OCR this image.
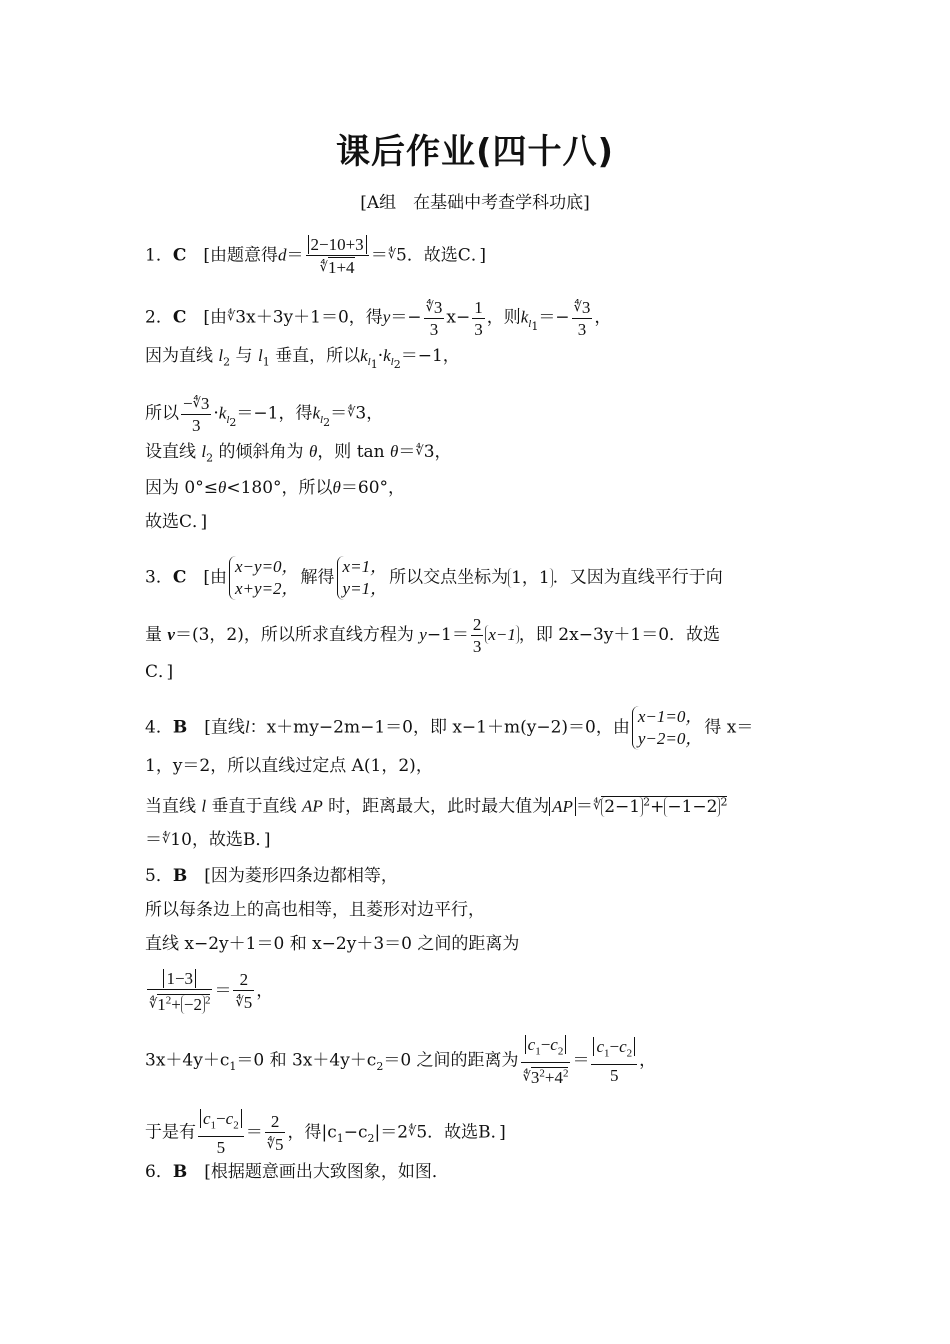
课后作业(四十八)
[A组　在基础中考查学科功底]
1．C　 [由题意得$d= \frac{2-10+3}{∜1+4}$ ＝∜5．故选C．]
2．C　 [由∜3x＋3y＋1＝0，得$y=- \frac{∜3}{3} x- \frac{1}{3}$ ，则$k_{l_1}=- \frac{∜3}{3}$ ，
因为直线 $l_2$ 与 $l_1$ 垂直，所以$k_{l_1}\cdot k_{l_2}=-1$，
所以 $\frac{-∜3}{3} \cdot k_{l_2}=-1$，得$k_{l_2}=∜3$，
设直线 $l_2$ 的倾斜角为 θ，则 tan θ＝∜3，
因为 0°≤θ<180°，所以θ＝60°，
故选C．]
3．C　 [由
x−y=0，
x+y=2，
解得
x=1，
y=1，
所以交点坐标为 1，1 ．又因为直线平行于向
量 v＝(3，2)，所以所求直线方程为 $y-1= \frac{2}{3} x-1$ ，即 2x−3y＋1＝0．故选
C．]
4．B　 [直线l：x＋my−2m−1＝0，即 x−1＋m(y−2)＝0，由
x−1=0，
y−2=0，
得 x＝
1，y＝2，所以直线过定点 A(1，2)，
当直线 l 垂直于直线 AP 时，距离最大，此时最大值为 AP ＝∜ 2−1 $^2$+ −1−2 $^2$
＝∜10，故选B．]
5．B　 [因为菱形四条边都相等，
所以每条边上的高也相等，且菱形对边平行，
直线 x−2y＋1＝0 和 x−2y＋3＝0 之间的距离为
$\frac{1-3}{∜1^2+ -2 ^2} = \frac{2}{∜5}$ ，
$3x+4y+c_1=0$ 和 $3x+4y+c_2=0$ 之间的距离为 $\frac{c_1-c_2}{∜3^2+4^2} = \frac{c_1-c_2}{5}$ ，
于是有 $\frac{c_1-c_2}{5} = \frac{2}{∜5}$ ，得$|c_1-c_2|=2∜5$．故选B．]
6．B　 [根据题意画出大致图象，如图．
